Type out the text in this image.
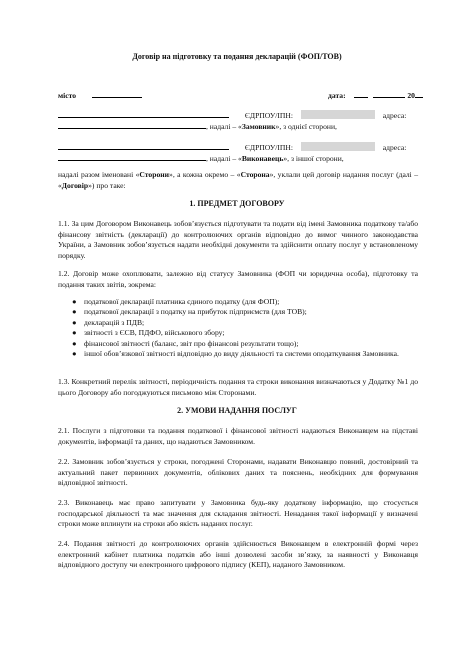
Договір на підготовку та подання декларацій (ФОП/ТОВ)
місто	дата:	20
ЄДРПОУ/ІПН:	адреса:
, надалі – «Замовник», з однієї сторони,
ЄДРПОУ/ІПН:	адреса:
, надалі – «Виконавець», з іншої сторони,
надалі разом іменовані «Сторони», а кожна окремо – «Сторона», уклали цей договір надання послуг (далі – «Договір») про таке:
1. ПРЕДМЕТ ДОГОВОРУ
1.1. За цим Договором Виконавець зобов’язується підготувати та подати від імені Замовника податкову та/або фінансову звітність (декларації) до контролюючих органів відповідно до вимог чинного законодавства України, а Замовник зобов’язується надати необхідні документи та здійснити оплату послуг у встановленому порядку.
1.2. Договір може охоплювати, залежно від статусу Замовника (ФОП чи юридична особа), підготовку та подання таких звітів, зокрема:
● податкової декларації платника єдиного податку (для ФОП);
● податкової декларації з податку на прибуток підприємств (для ТОВ);
● декларацій з ПДВ;
● звітності з ЄСВ, ПДФО, військового збору;
● фінансової звітності (баланс, звіт про фінансові результати тощо);
● іншої обов’язкової звітності відповідно до виду діяльності та системи оподаткування Замовника.
1.3. Конкретний перелік звітності, періодичність подання та строки виконання визначаються у Додатку №1 до цього Договору або погоджуються письмово між Сторонами.
2. УМОВИ НАДАННЯ ПОСЛУГ
2.1. Послуги з підготовки та подання податкової і фінансової звітності надаються Виконавцем на підставі документів, інформації та даних, що надаються Замовником.
2.2. Замовник зобов’язується у строки, погоджені Сторонами, надавати Виконавцю повний, достовірний та актуальний пакет первинних документів, облікових даних та пояснень, необхідних для формування відповідної звітності.
2.3. Виконавець має право запитувати у Замовника будь-яку додаткову інформацію, що стосується господарської діяльності та має значення для складання звітності. Ненадання такої інформації у визначені строки може вплинути на строки або якість наданих послуг.
2.4. Подання звітності до контролюючих органів здійснюється Виконавцем в електронній формі через електронний кабінет платника податків або інші дозволені засоби зв’язку, за наявності у Виконавця відповідного доступу чи електронного цифрового підпису (КЕП), наданого Замовником.
